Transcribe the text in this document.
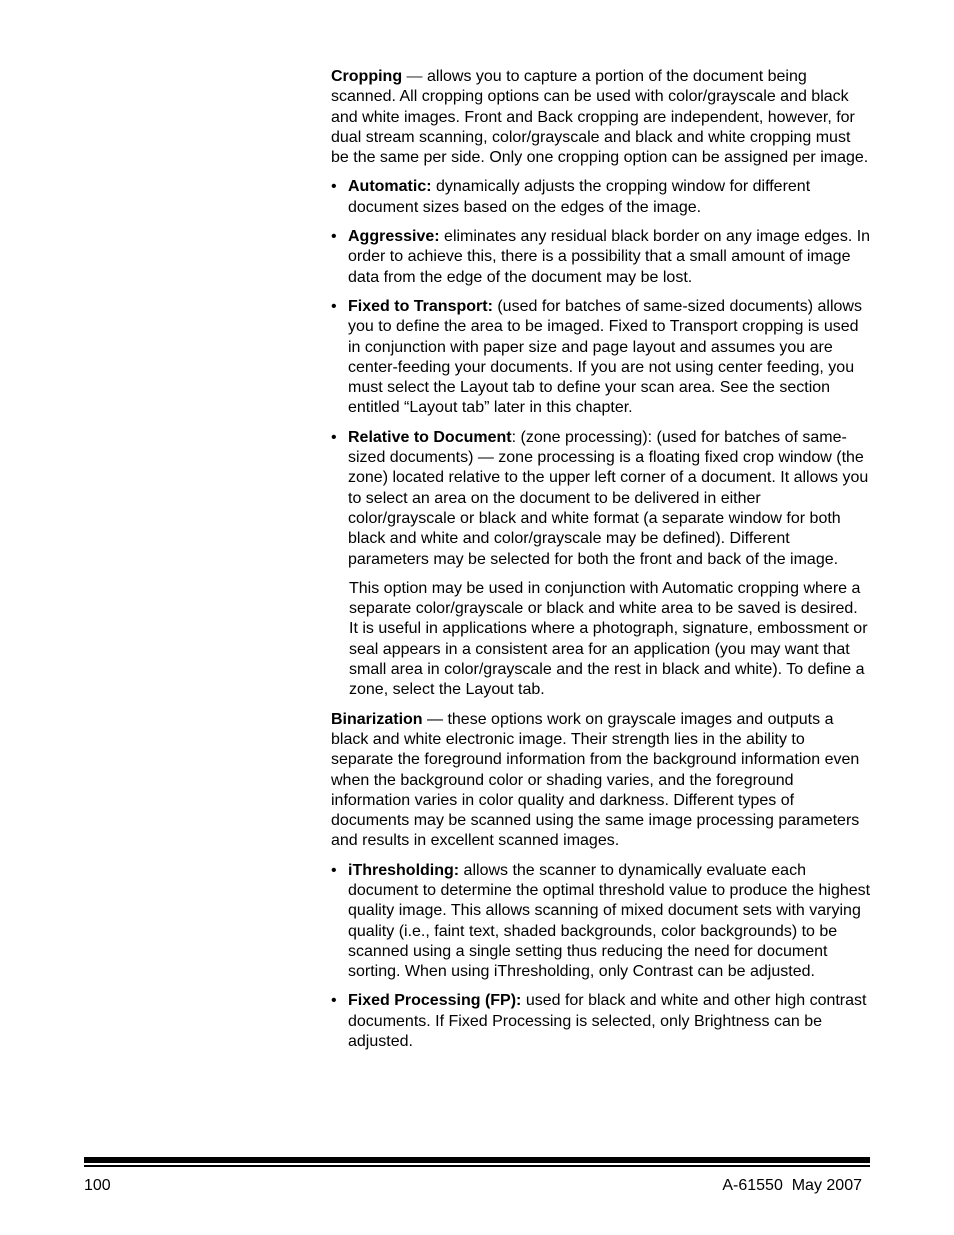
Cropping — allows you to capture a portion of the document being scanned. All cropping options can be used with color/grayscale and black and white images. Front and Back cropping are independent, however, for dual stream scanning, color/grayscale and black and white cropping must be the same per side. Only one cropping option can be assigned per image.

• Automatic: dynamically adjusts the cropping window for different document sizes based on the edges of the image.
• Aggressive: eliminates any residual black border on any image edges. In order to achieve this, there is a possibility that a small amount of image data from the edge of the document may be lost.
• Fixed to Transport: (used for batches of same-sized documents) allows you to define the area to be imaged. Fixed to Transport cropping is used in conjunction with paper size and page layout and assumes you are center-feeding your documents. If you are not using center feeding, you must select the Layout tab to define your scan area. See the section entitled “Layout tab” later in this chapter.
• Relative to Document: (zone processing): (used for batches of same-sized documents) — zone processing is a floating fixed crop window (the zone) located relative to the upper left corner of a document. It allows you to select an area on the document to be delivered in either color/grayscale or black and white format (a separate window for both black and white and color/grayscale may be defined). Different parameters may be selected for both the front and back of the image.

This option may be used in conjunction with Automatic cropping where a separate color/grayscale or black and white area to be saved is desired. It is useful in applications where a photograph, signature, embossment or seal appears in a consistent area for an application (you may want that small area in color/grayscale and the rest in black and white). To define a zone, select the Layout tab.

Binarization — these options work on grayscale images and outputs a black and white electronic image. Their strength lies in the ability to separate the foreground information from the background information even when the background color or shading varies, and the foreground information varies in color quality and darkness. Different types of documents may be scanned using the same image processing parameters and results in excellent scanned images.

• iThresholding: allows the scanner to dynamically evaluate each document to determine the optimal threshold value to produce the highest quality image. This allows scanning of mixed document sets with varying quality (i.e., faint text, shaded backgrounds, color backgrounds) to be scanned using a single setting thus reducing the need for document sorting. When using iThresholding, only Contrast can be adjusted.
• Fixed Processing (FP): used for black and white and other high contrast documents. If Fixed Processing is selected, only Brightness can be adjusted.
100	A-61550  May 2007
